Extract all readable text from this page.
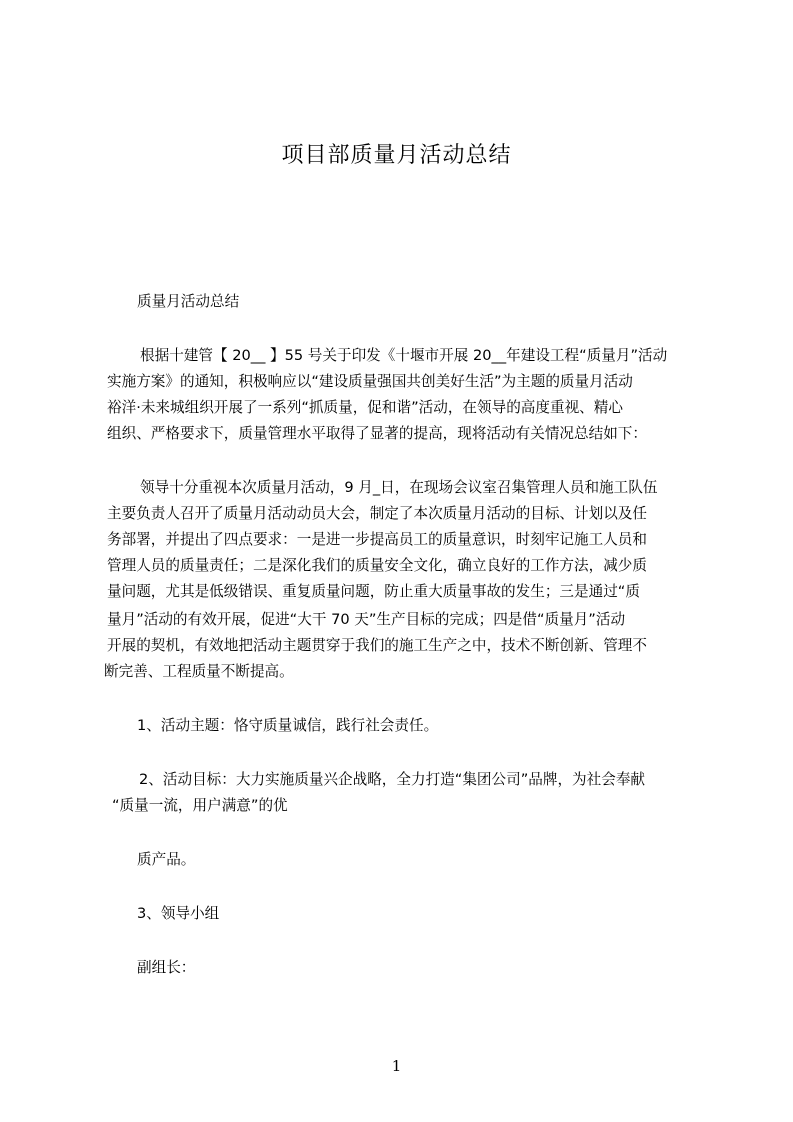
项目部质量月活动总结
质量月活动总结
根据十建管【 20__ 】55 号关于印发《十堰市开展 20__年建设工程“质量月”活动
实施方案》的通知，积极响应以“建设质量强国共创美好生活”为主题的质量月活动
裕洋·未来城组织开展了一系列“抓质量，促和谐”活动，在领导的高度重视、精心
组织、严格要求下，质量管理水平取得了显著的提高，现将活动有关情况总结如下：
领导十分重视本次质量月活动，9 月_日，在现场会议室召集管理人员和施工队伍
主要负责人召开了质量月活动动员大会，制定了本次质量月活动的目标、计划以及任
务部署，并提出了四点要求：一是进一步提高员工的质量意识，时刻牢记施工人员和
管理人员的质量责任；二是深化我们的质量安全文化，确立良好的工作方法，减少质
量问题，尤其是低级错误、重复质量问题，防止重大质量事故的发生；三是通过“质
量月”活动的有效开展，促进“大干 70 天”生产目标的完成；四是借“质量月”活动
开展的契机，有效地把活动主题贯穿于我们的施工生产之中，技术不断创新、管理不
断完善、工程质量不断提高。
1、活动主题：恪守质量诚信，践行社会责任。
2、活动目标：大力实施质量兴企战略，全力打造“集团公司”品牌，为社会奉献
“质量一流，用户满意”的优
质产品。
3、领导小组
副组长：
1
